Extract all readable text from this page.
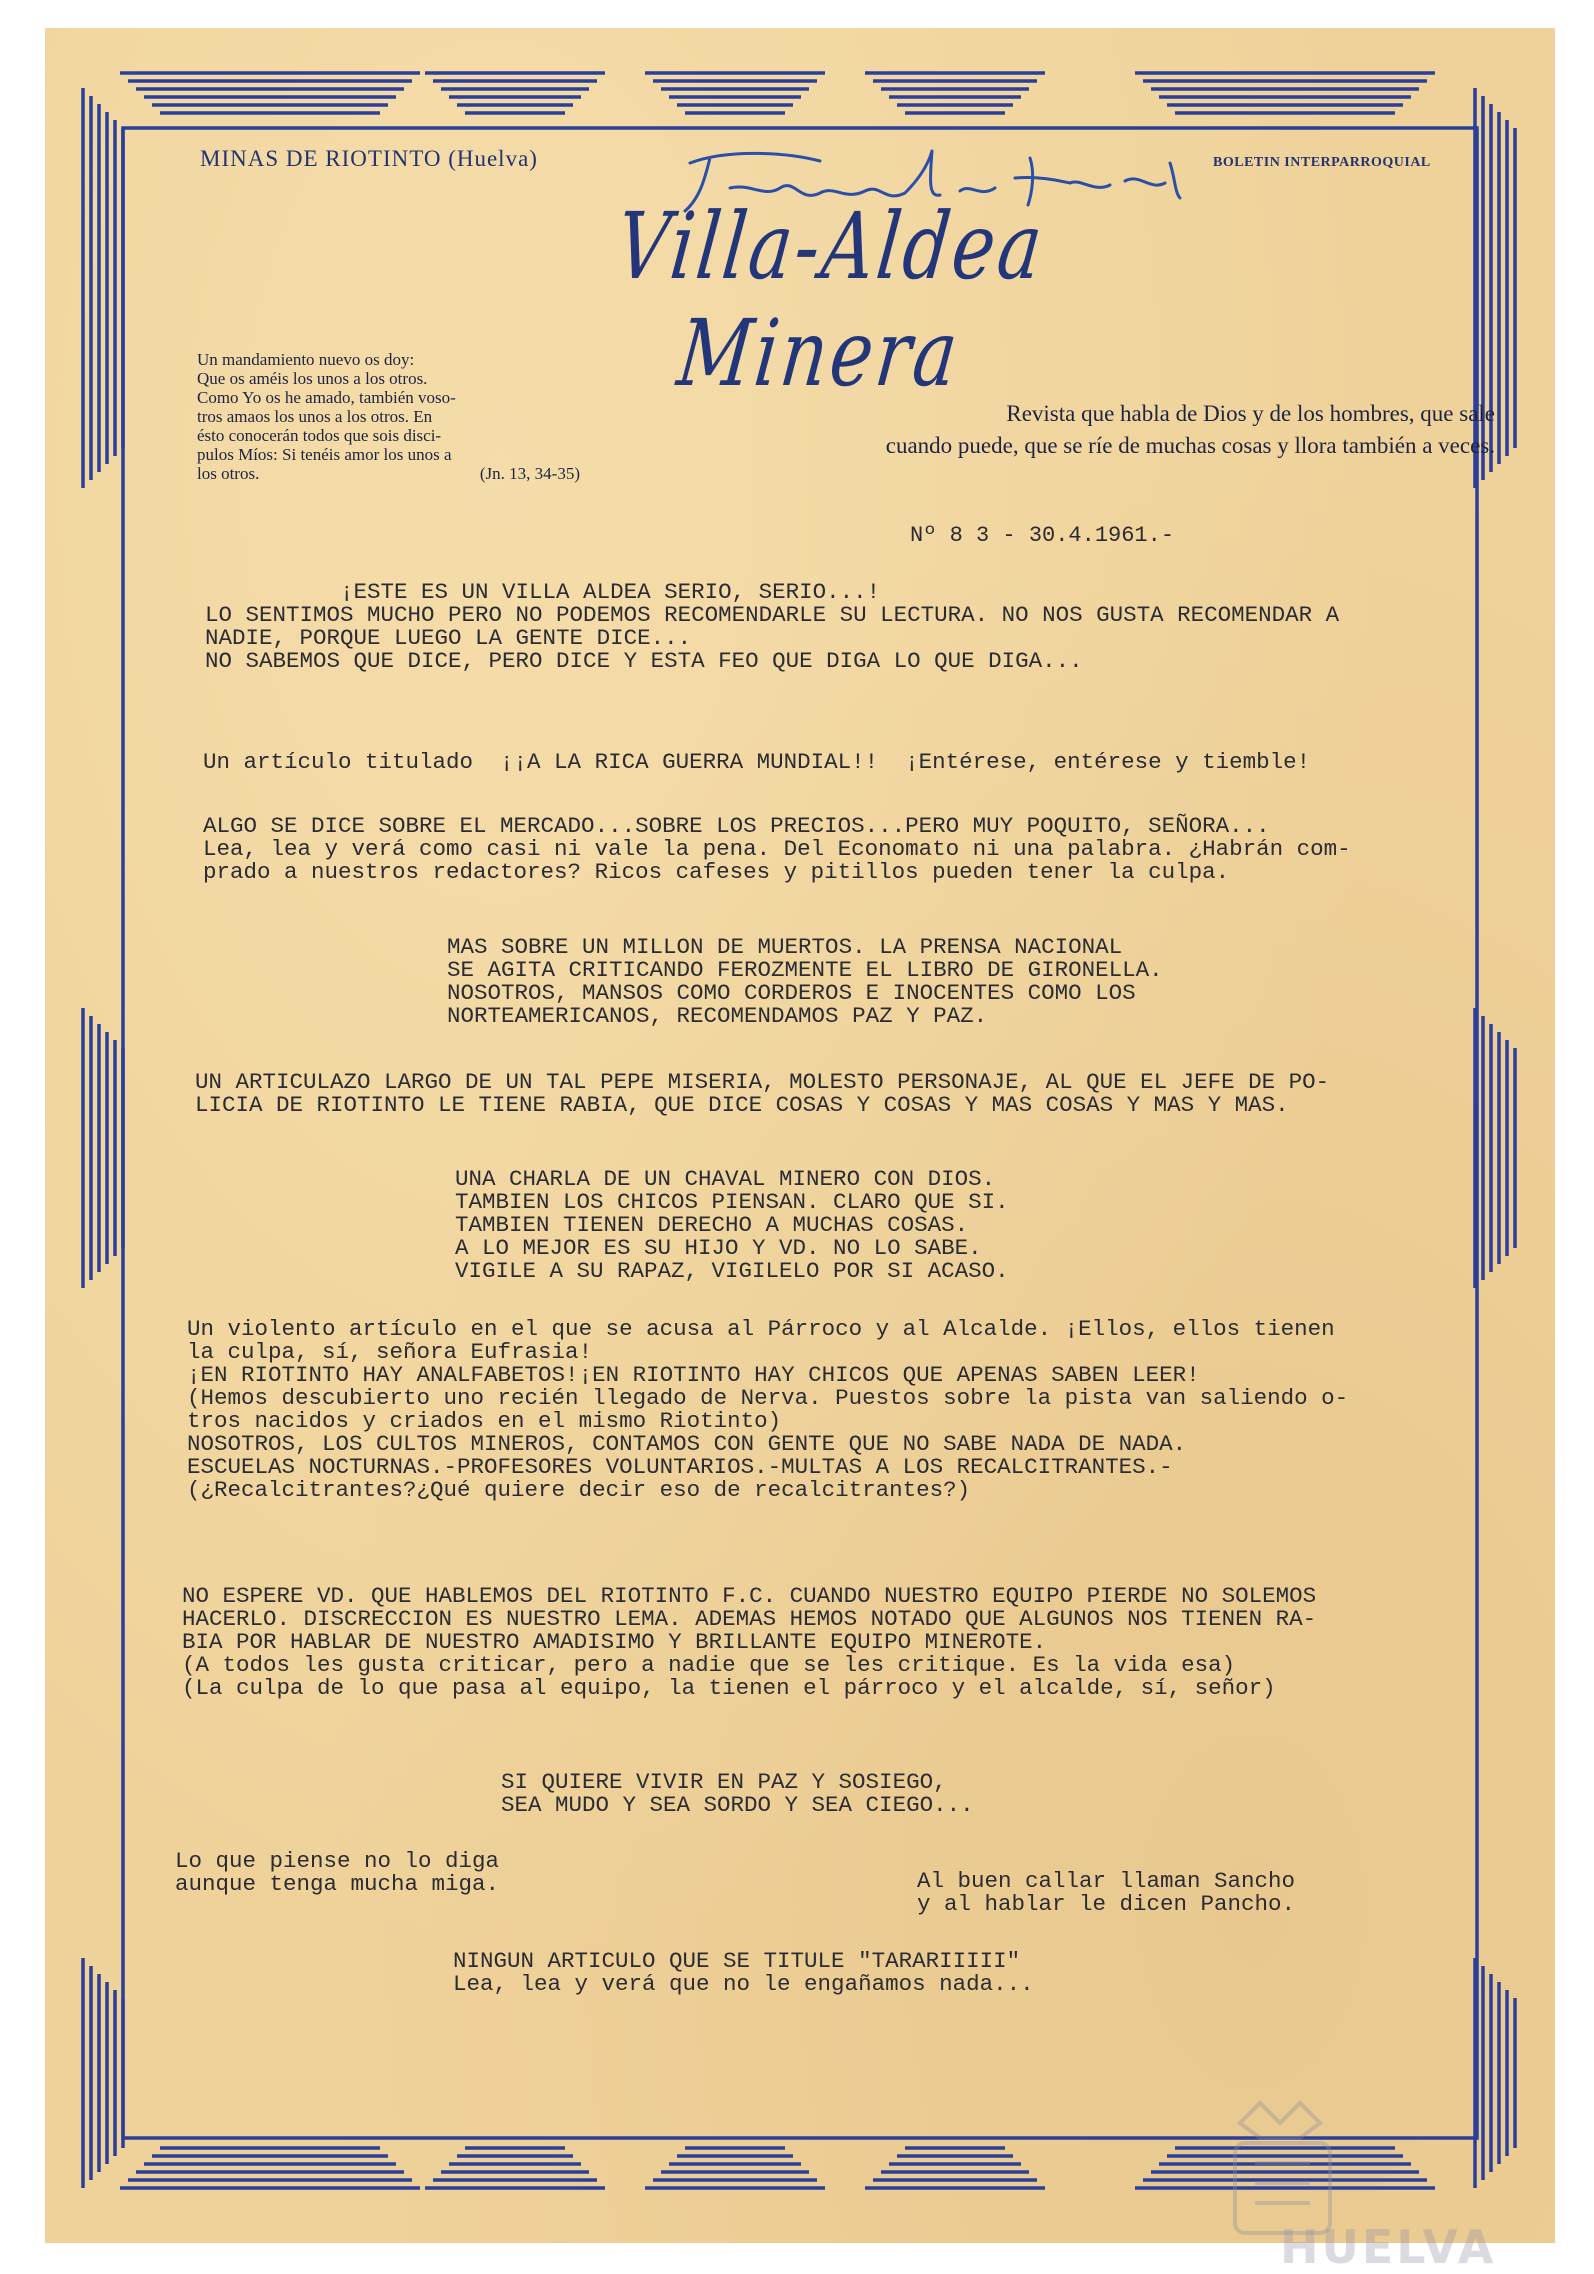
MINAS DE RIOTINTO (Huelva)	BOLETIN INTERPARROQUIAL
Villa-Aldea Minera
Un mandamiento nuevo os doy:
Que os améis los unos a los otros.
Como Yo os he amado, también voso-
tros amaos los unos a los otros. En
ésto conocerán todos que sois disci-
pulos Míos: Si tenéis amor los unos a
los otros.	(Jn. 13, 34-35)
Revista que habla de Dios y de los hombres, que sale
cuando puede, que se ríe de muchas cosas y llora también a veces.
Nº 8 3 - 30.4.1961.-
¡ESTE ES UN VILLA ALDEA SERIO, SERIO...!
LO SENTIMOS MUCHO PERO NO PODEMOS RECOMENDARLE SU LECTURA. NO NOS GUSTA RECOMENDAR A
NADIE, PORQUE LUEGO LA GENTE DICE...
NO SABEMOS QUE DICE, PERO DICE Y ESTA FEO QUE DIGA LO QUE DIGA...
Un artículo titulado  ¡¡A LA RICA GUERRA MUNDIAL!!  ¡Entérese, entérese y tiemble!
ALGO SE DICE SOBRE EL MERCADO...SOBRE LOS PRECIOS...PERO MUY POQUITO, SEÑORA...
Lea, lea y verá como casi ni vale la pena. Del Economato ni una palabra. ¿Habrán com-
prado a nuestros redactores? Ricos cafeses y pitillos pueden tener la culpa.
MAS SOBRE UN MILLON DE MUERTOS. LA PRENSA NACIONAL
SE AGITA CRITICANDO FEROZMENTE EL LIBRO DE GIRONELLA.
NOSOTROS, MANSOS COMO CORDEROS E INOCENTES COMO LOS
NORTEAMERICANOS, RECOMENDAMOS PAZ Y PAZ.
UN ARTICULAZO LARGO DE UN TAL PEPE MISERIA, MOLESTO PERSONAJE, AL QUE EL JEFE DE PO-
LICIA DE RIOTINTO LE TIENE RABIA, QUE DICE COSAS Y COSAS Y MAS COSAS Y MAS Y MAS.
UNA CHARLA DE UN CHAVAL MINERO CON DIOS.
TAMBIEN LOS CHICOS PIENSAN. CLARO QUE SI.
TAMBIEN TIENEN DERECHO A MUCHAS COSAS.
A LO MEJOR ES SU HIJO Y VD. NO LO SABE.
VIGILE A SU RAPAZ, VIGILELO POR SI ACASO.
Un violento artículo en el que se acusa al Párroco y al Alcalde. ¡Ellos, ellos tienen
la culpa, sí, señora Eufrasia!
¡EN RIOTINTO HAY ANALFABETOS!¡EN RIOTINTO HAY CHICOS QUE APENAS SABEN LEER!
(Hemos descubierto uno recién llegado de Nerva. Puestos sobre la pista van saliendo o-
tros nacidos y criados en el mismo Riotinto)
NOSOTROS, LOS CULTOS MINEROS, CONTAMOS CON GENTE QUE NO SABE NADA DE NADA.
ESCUELAS NOCTURNAS.-PROFESORES VOLUNTARIOS.-MULTAS A LOS RECALCITRANTES.-
(¿Recalcitrantes?¿Qué quiere decir eso de recalcitrantes?)
NO ESPERE VD. QUE HABLEMOS DEL RIOTINTO F.C. CUANDO NUESTRO EQUIPO PIERDE NO SOLEMOS
HACERLO. DISCRECCION ES NUESTRO LEMA. ADEMAS HEMOS NOTADO QUE ALGUNOS NOS TIENEN RA-
BIA POR HABLAR DE NUESTRO AMADISIMO Y BRILLANTE EQUIPO MINEROTE.
(A todos les gusta criticar, pero a nadie que se les critique. Es la vida esa)
(La culpa de lo que pasa al equipo, la tienen el párroco y el alcalde, sí, señor)
SI QUIERE VIVIR EN PAZ Y SOSIEGO,
SEA MUDO Y SEA SORDO Y SEA CIEGO...
Lo que piense no lo diga
aunque tenga mucha miga.	Al buen callar llaman Sancho
y al hablar le dicen Pancho.
NINGUN ARTICULO QUE SE TITULE "TARARIIIII"
Lea, lea y verá que no le engañamos nada...
HUELVA
